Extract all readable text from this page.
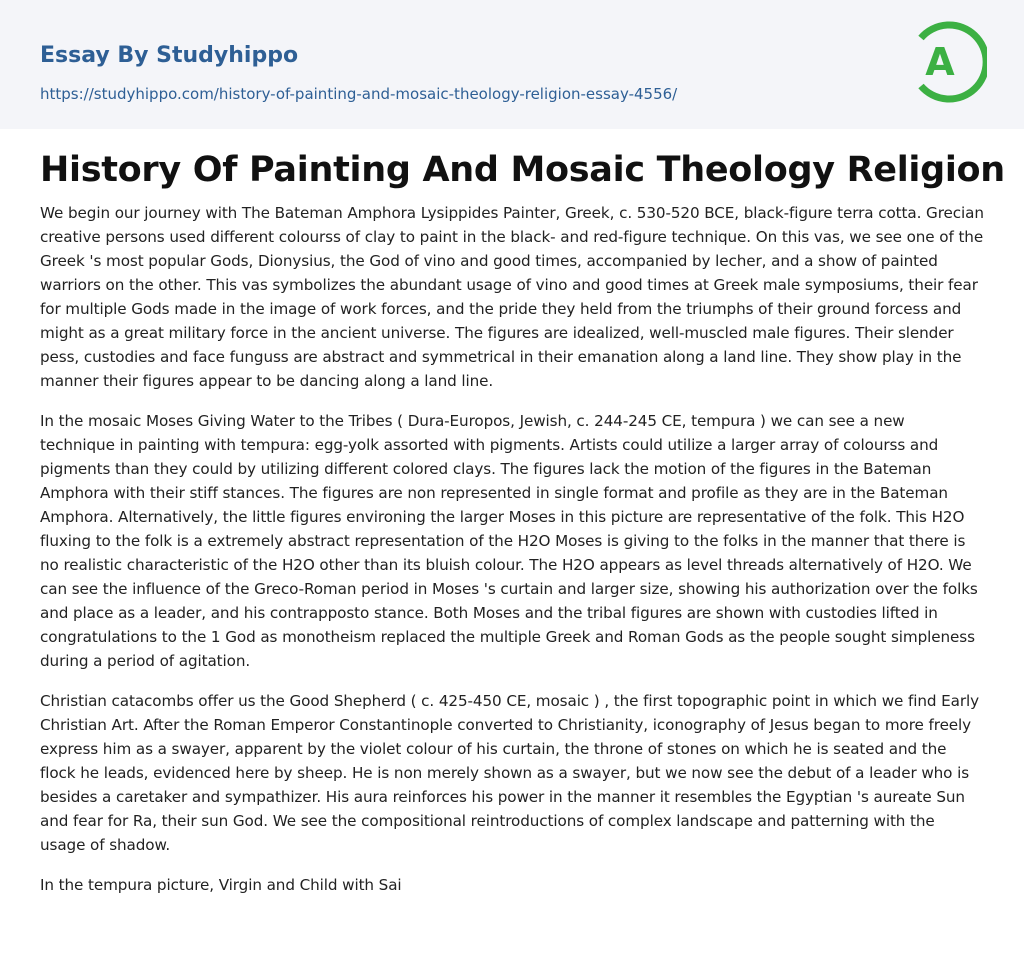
Essay By Studyhippo
https://studyhippo.com/history-of-painting-and-mosaic-theology-religion-essay-4556/
A
History Of Painting And Mosaic Theology Religion

We begin our journey with The Bateman Amphora Lysippides Painter, Greek, c. 530-520 BCE, black-figure terra cotta. Grecian creative persons used different colourss of clay to paint in the black- and red-figure technique. On this vas, we see one of the Greek 's most popular Gods, Dionysius, the God of vino and good times, accompanied by lecher, and a show of painted warriors on the other. This vas symbolizes the abundant usage of vino and good times at Greek male symposiums, their fear for multiple Gods made in the image of work forces, and the pride they held from the triumphs of their ground forcess and might as a great military force in the ancient universe. The figures are idealized, well-muscled male figures. Their slender pess, custodies and face funguss are abstract and symmetrical in their emanation along a land line. They show play in the manner their figures appear to be dancing along a land line.

In the mosaic Moses Giving Water to the Tribes ( Dura-Europos, Jewish, c. 244-245 CE, tempura ) we can see a new technique in painting with tempura: egg-yolk assorted with pigments. Artists could utilize a larger array of colourss and pigments than they could by utilizing different colored clays. The figures lack the motion of the figures in the Bateman Amphora with their stiff stances. The figures are non represented in single format and profile as they are in the Bateman Amphora. Alternatively, the little figures environing the larger Moses in this picture are representative of the folk. This H2O fluxing to the folk is a extremely abstract representation of the H2O Moses is giving to the folks in the manner that there is no realistic characteristic of the H2O other than its bluish colour. The H2O appears as level threads alternatively of H2O. We can see the influence of the Greco-Roman period in Moses 's curtain and larger size, showing his authorization over the folks and place as a leader, and his contrapposto stance. Both Moses and the tribal figures are shown with custodies lifted in congratulations to the 1 God as monotheism replaced the multiple Greek and Roman Gods as the people sought simpleness during a period of agitation.

Christian catacombs offer us the Good Shepherd ( c. 425-450 CE, mosaic ) , the first topographic point in which we find Early Christian Art. After the Roman Emperor Constantinople converted to Christianity, iconography of Jesus began to more freely express him as a swayer, apparent by the violet colour of his curtain, the throne of stones on which he is seated and the flock he leads, evidenced here by sheep. He is non merely shown as a swayer, but we now see the debut of a leader who is besides a caretaker and sympathizer. His aura reinforces his power in the manner it resembles the Egyptian 's aureate Sun and fear for Ra, their sun God. We see the compositional reintroductions of complex landscape and patterning with the usage of shadow.

In the tempura picture, Virgin and Child with Sai
